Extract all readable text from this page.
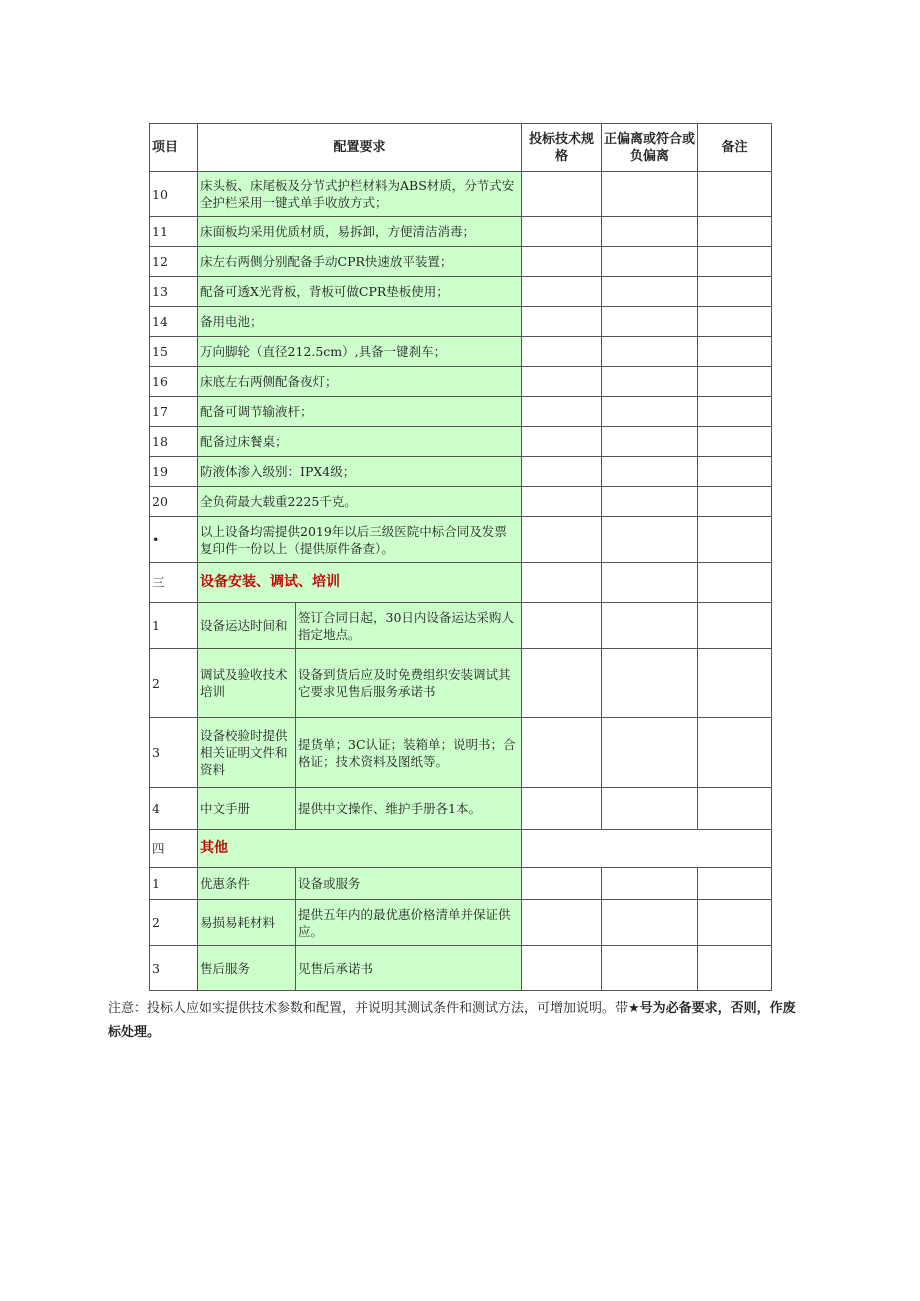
项目	配置要求		投标技术规格	正偏离或符合或负偏离	备注
10	床头板、床尾板及分节式护栏材料为ABS材质，分节式安全护栏采用一键式单手收放方式；				
11	床面板均采用优质材质，易拆卸，方便清洁消毒；				
12	床左右两侧分别配备手动CPR快速放平装置；				
13	配备可透X光背板，背板可做CPR垫板使用；				
14	备用电池；				
15	万向脚轮（直径212.5cm）,具备一键刹车；				
16	床底左右两侧配备夜灯；				
17	配备可调节输液杆；				
18	配备过床餐桌；				
19	防液体渗入级别：IPX4级；				
20	全负荷最大载重2225千克。				
•	以上设备均需提供2019年以后三级医院中标合同及发票复印件一份以上（提供原件备查）。				
三	设备安装、调试、培训				
1	设备运达时间和	签订合同日起，30日内设备运达采购人指定地点。			
2	调试及验收技术培训	设备到货后应及时免费组织安装调试其它要求见售后服务承诺书			
3	设备校验时提供相关证明文件和资料	提货单；3C认证；装箱单；说明书；合格证；技术资料及图纸等。			
4	中文手册	提供中文操作、维护手册各1本。			
四	其他				
1	优惠条件	设备或服务			
2	易损易耗材料	提供五年内的最优惠价格清单并保证供应。			
3	售后服务	见售后承诺书			
注意：投标人应如实提供技术参数和配置，并说明其测试条件和测试方法，可增加说明。带★号为必备要求，否则，作废标处理。
